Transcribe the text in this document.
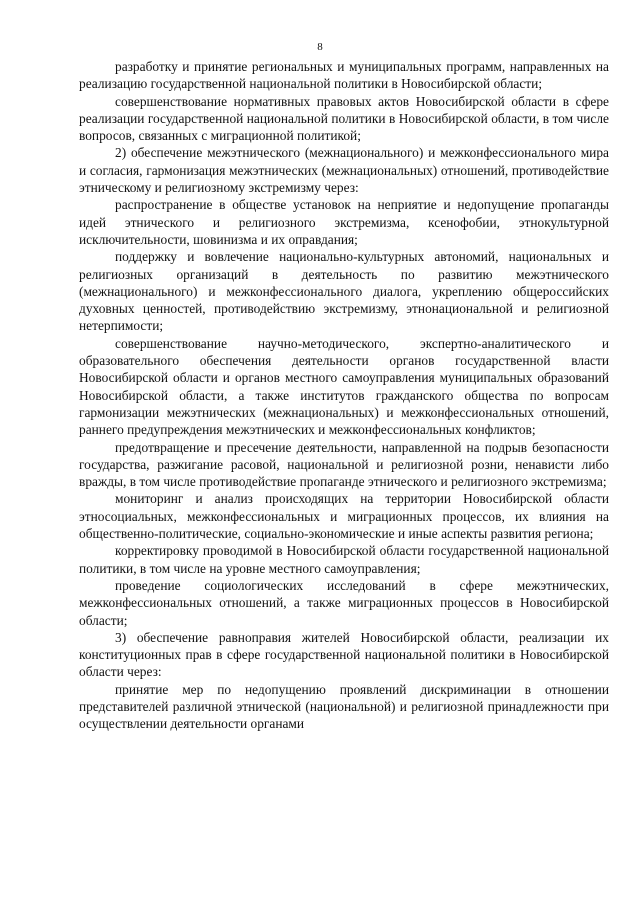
8

разработку и принятие региональных и муниципальных программ, направленных на реализацию государственной национальной политики в Новосибирской области;

совершенствование нормативных правовых актов Новосибирской области в сфере реализации государственной национальной политики в Новосибирской области, в том числе вопросов, связанных с миграционной политикой;

2) обеспечение межэтнического (межнационального) и межконфессионального мира и согласия, гармонизация межэтнических (межнациональных) отношений, противодействие этническому и религиозному экстремизму через:

распространение в обществе установок на неприятие и недопущение пропаганды идей этнического и религиозного экстремизма, ксенофобии, этнокультурной исключительности, шовинизма и их оправдания;

поддержку и вовлечение национально-культурных автономий, национальных и религиозных организаций в деятельность по развитию межэтнического (межнационального) и межконфессионального диалога, укреплению общероссийских духовных ценностей, противодействию экстремизму, этнонациональной и религиозной нетерпимости;

совершенствование научно-методического, экспертно-аналитического и образовательного обеспечения деятельности органов государственной власти Новосибирской области и органов местного самоуправления муниципальных образований Новосибирской области, а также институтов гражданского общества по вопросам гармонизации межэтнических (межнациональных) и межконфессиональных отношений, раннего предупреждения межэтнических и межконфессиональных конфликтов;

предотвращение и пресечение деятельности, направленной на подрыв безопасности государства, разжигание расовой, национальной и религиозной розни, ненависти либо вражды, в том числе противодействие пропаганде этнического и религиозного экстремизма;

мониторинг и анализ происходящих на территории Новосибирской области этносоциальных, межконфессиональных и миграционных процессов, их влияния на общественно-политические, социально-экономические и иные аспекты развития региона;

корректировку проводимой в Новосибирской области государственной национальной политики, в том числе на уровне местного самоуправления;

проведение социологических исследований в сфере межэтнических, межконфессиональных отношений, а также миграционных процессов в Новосибирской области;

3) обеспечение равноправия жителей Новосибирской области, реализации их конституционных прав в сфере государственной национальной политики в Новосибирской области через:

принятие мер по недопущению проявлений дискриминации в отношении представителей различной этнической (национальной) и религиозной принадлежности при осуществлении деятельности органами
